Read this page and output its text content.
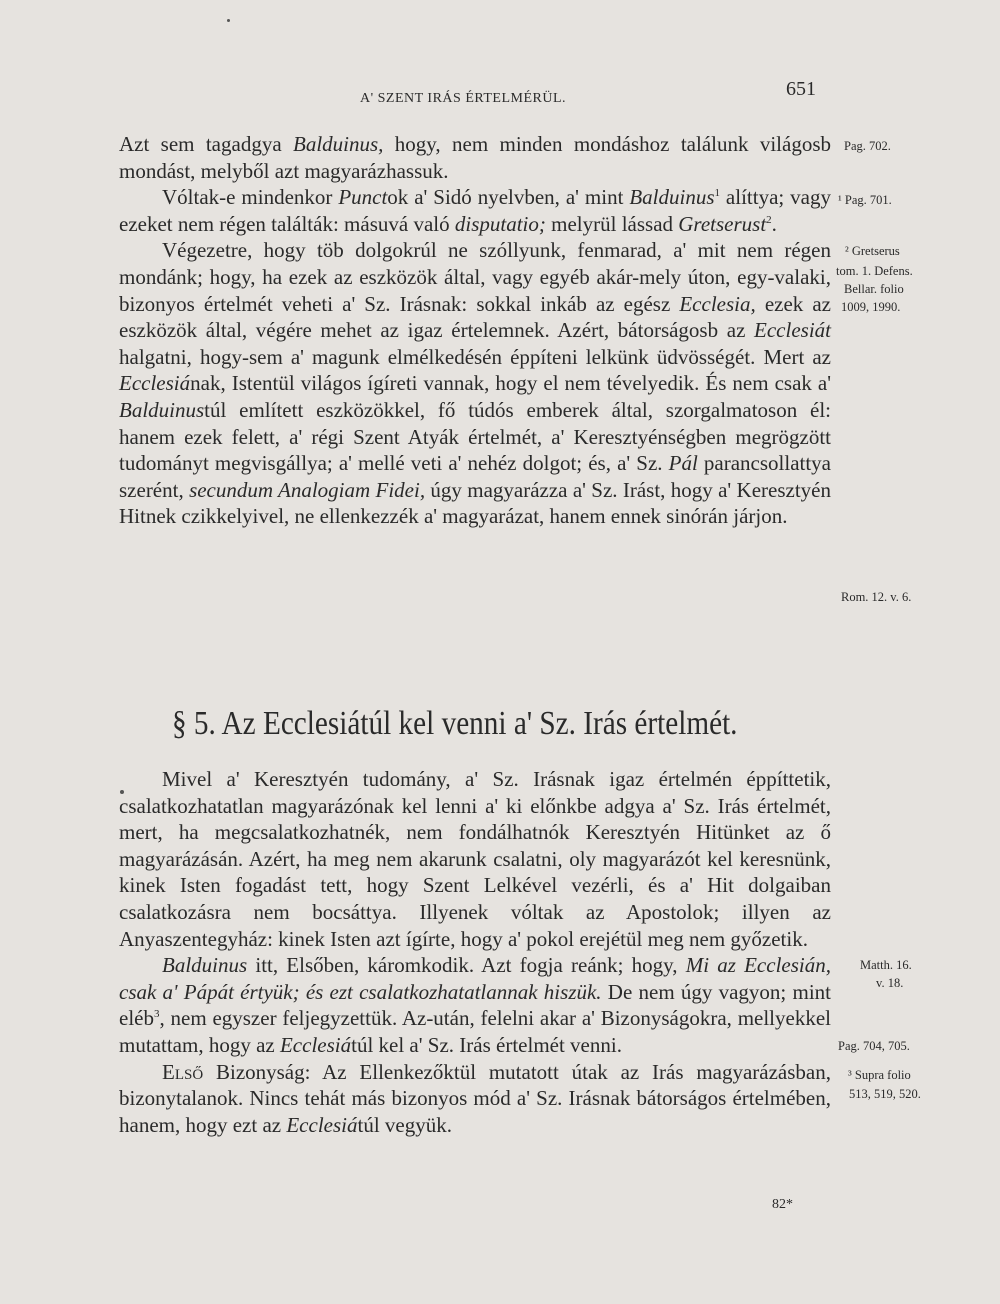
A' SZENT IRÁS ÉRTELMÉRÜL.	651

Azt sem tagadgya Balduinus, hogy, nem minden mondáshoz találunk világosb mondást, melyből azt magyarázhassuk.

Vóltak-e mindenkor Punctok a' Sidó nyelvben, a' mint Balduinus$^1$ alíttya; vagy ezeket nem régen találták: másuvá való disputatio; melyrül lássad Gretserust$^2$.

Végezetre, hogy töb dolgokrúl ne szóllyunk, fenmarad, a' mit nem régen mondánk; hogy, ha ezek az eszközök által, vagy egyéb akár-mely úton, egy-valaki, bizonyos értelmét veheti a' Sz. Irásnak: sokkal inkáb az egész Ecclesia, ezek az eszközök által, végére mehet az igaz értelemnek. Azért, bátorságosb az Ecclesiát halgatni, hogy-sem a' magunk elmélkedésén éppíteni lelkünk üdvösségét. Mert az Ecclesiának, Istentül világos ígíreti vannak, hogy el nem tévelyedik. És nem csak a' Balduinustúl említett eszközökkel, fő túdós emberek által, szorgalmatoson él: hanem ezek felett, a' régi Szent Atyák értelmét, a' Keresztyénségben megrögzött tudományt megvisgállya; a' mellé veti a' nehéz dolgot; és, a' Sz. Pál parancsollattya szerént, secundum Analogiam Fidei, úgy magyarázza a' Sz. Irást, hogy a' Keresztyén Hitnek czikkelyivel, ne ellenkezzék a' magyarázat, hanem ennek sinórán járjon.

§ 5. Az Ecclesiátúl kel venni a' Sz. Irás értelmét.

Mivel a' Keresztyén tudomány, a' Sz. Irásnak igaz értelmén éppíttetik, csalatkozhatatlan magyarázónak kel lenni a' ki előnkbe adgya a' Sz. Irás értelmét, mert, ha megcsalatkozhatnék, nem fondálhatnók Keresztyén Hitünket az ő magyarázásán. Azért, ha meg nem akarunk csalatni, oly magyarázót kel keresnünk, kinek Isten fogadást tett, hogy Szent Lelkével vezérli, és a' Hit dolgaiban csalatkozásra nem bocsáttya. Illyenek vóltak az Apostolok; illyen az Anyaszentegyház: kinek Isten azt ígírte, hogy a' pokol erejétül meg nem győzetik.

Balduinus itt, Elsőben, káromkodik. Azt fogja reánk; hogy, Mi az Ecclesián, csak a' Pápát értyük; és ezt csalatkozhatatlannak hiszük. De nem úgy vagyon; mint eléb$^3$, nem egyszer feljegyzettük. Az-után, felelni akar a' Bizonyságokra, mellyekkel mutattam, hogy az Ecclesiátúl kel a' Sz. Irás értelmét venni.

Első Bizonyság: Az Ellenkezőktül mutatott útak az Irás magyarázásban, bizonytalanok. Nincs tehát más bizonyos mód a' Sz. Irásnak bátorságos értelmében, hanem, hogy ezt az Ecclesiátúl vegyük.

Pag. 702.
¹ Pag. 701.
² Gretserus
tom. 1. Defens.
Bellar. folio
1009, 1990.
Rom. 12. v. 6.
Matth. 16.
v. 18.
Pag. 704, 705.
³ Supra folio
513, 519, 520.
82*
